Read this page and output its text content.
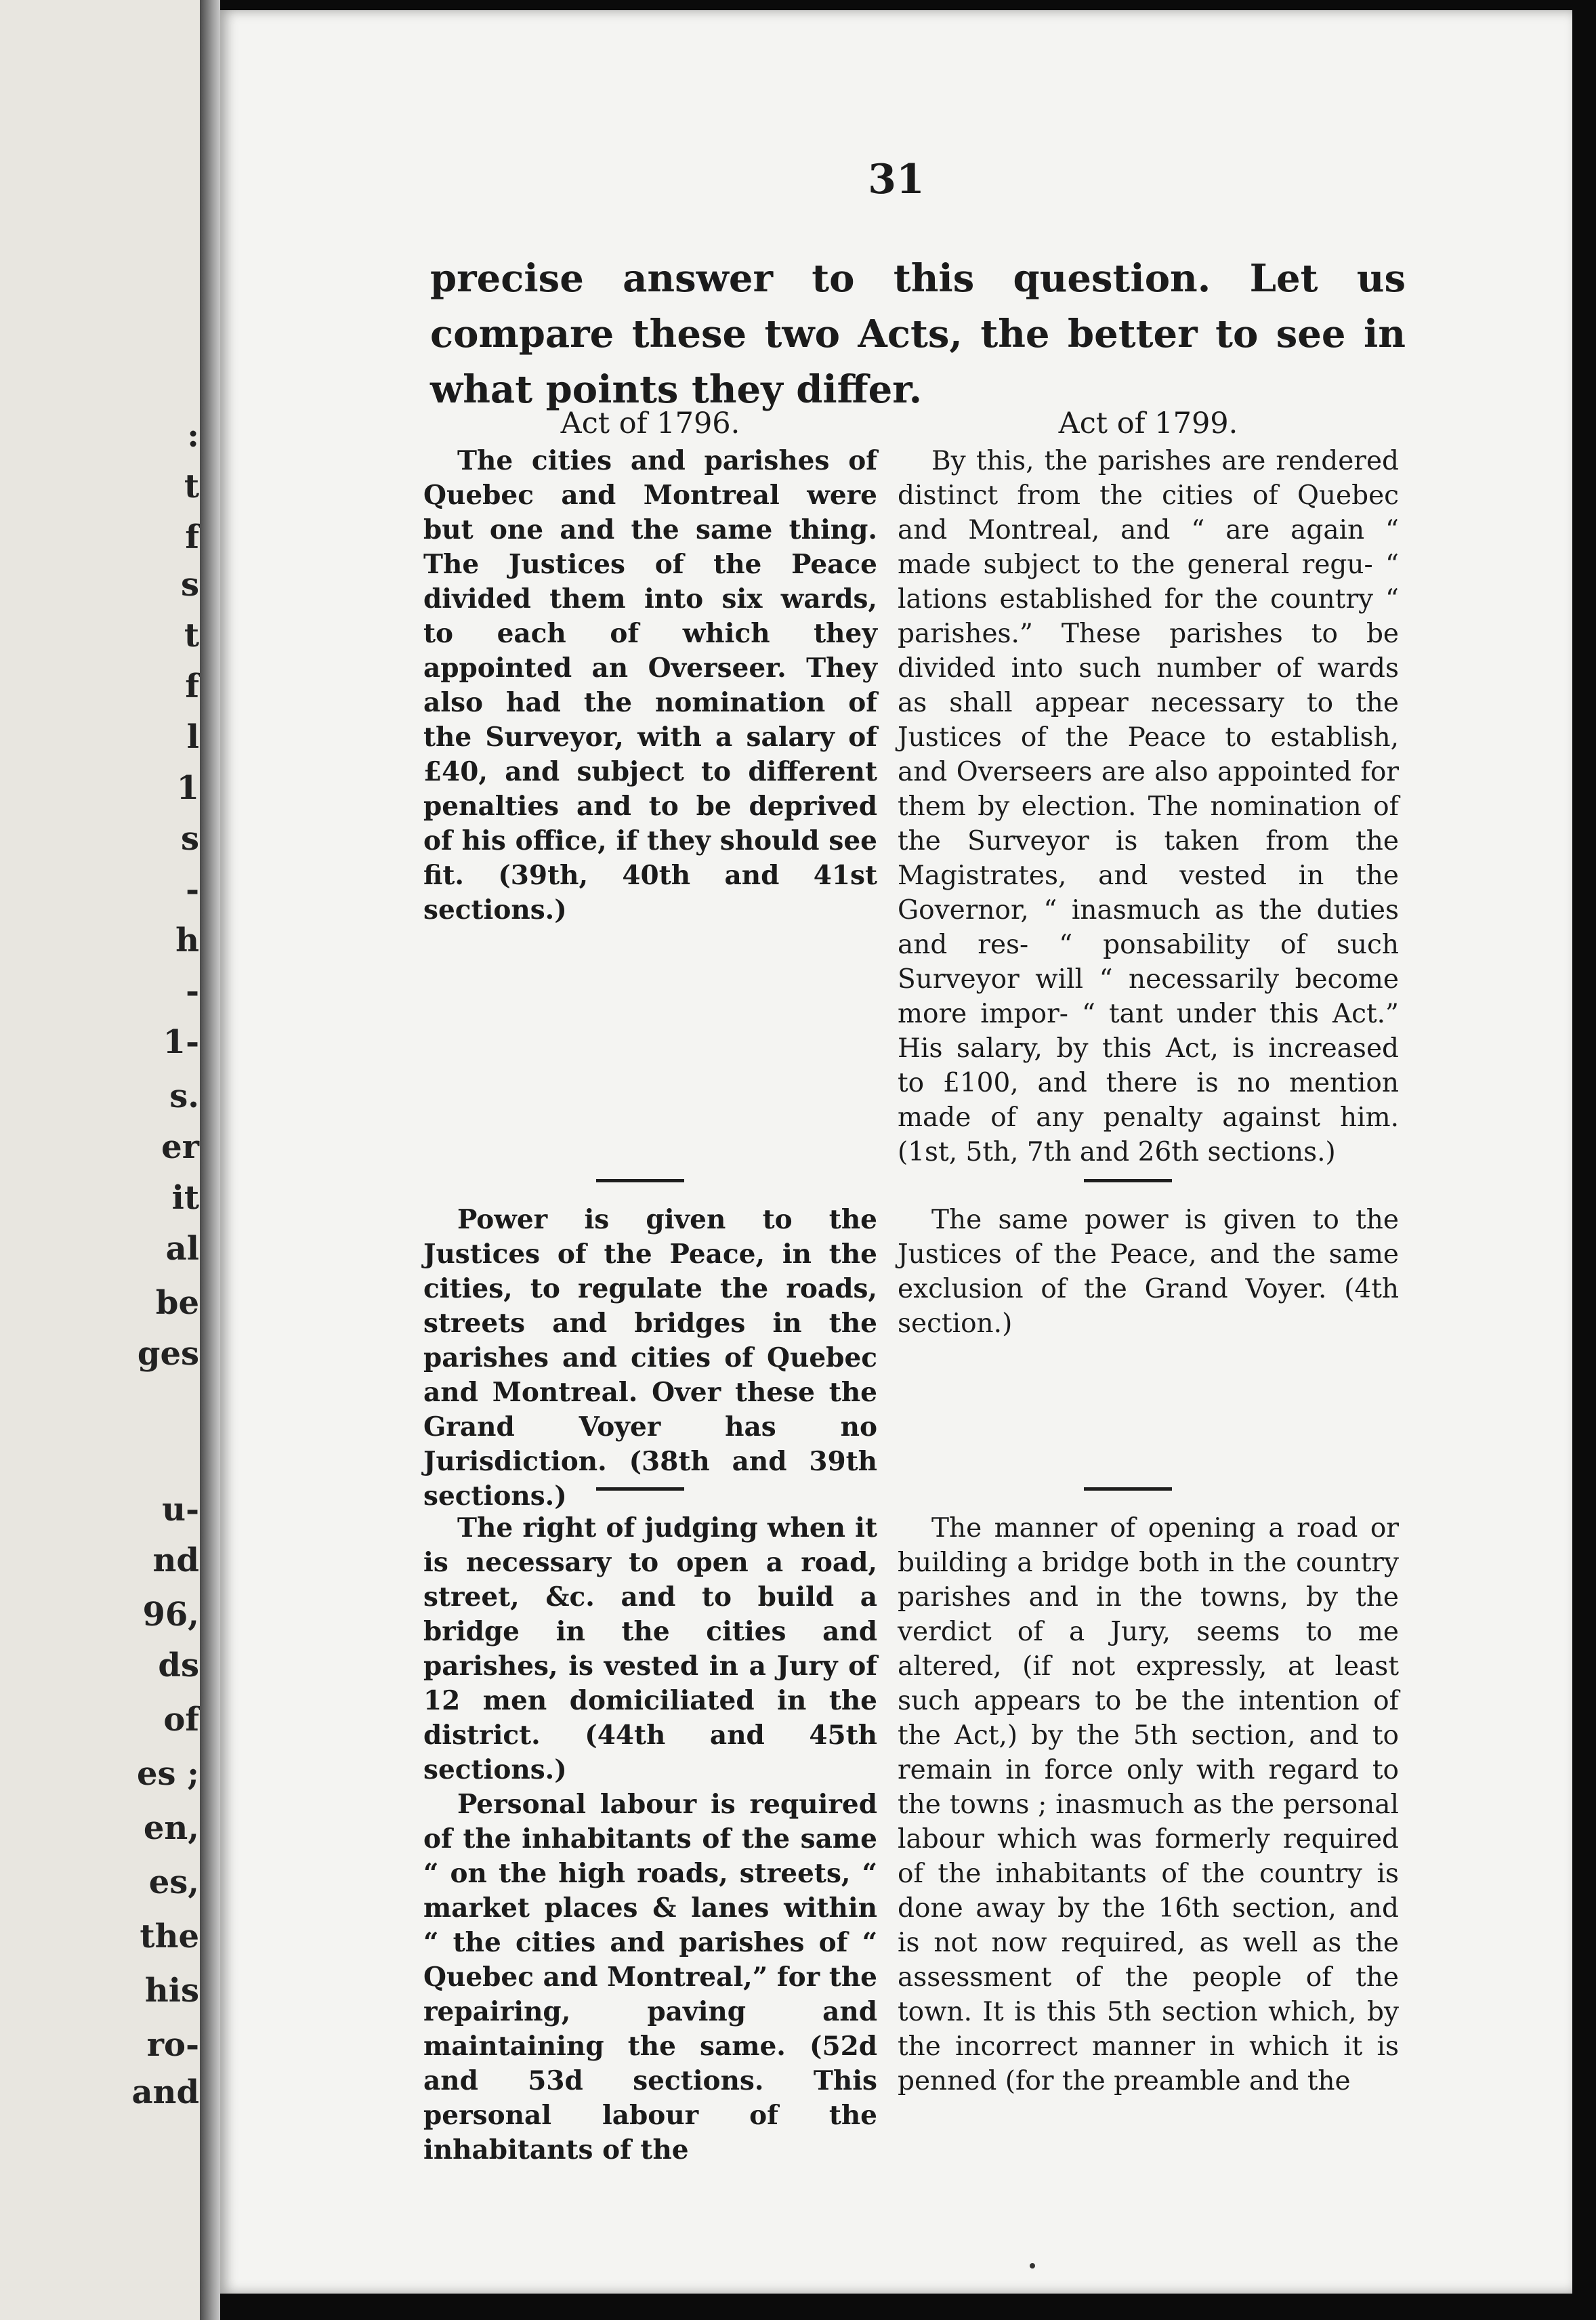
:
t
f
s
t
f
l
1
s
-
h
-
1-
s.
er
it
al
be
ges
u-
nd
96,
ds
of
es ;
en,
es,
the
his
ro-
and
31

precise answer to this question. Let us compare these two Acts, the better to see in what points they differ.

Act of 1796.

The cities and parishes of Quebec and Montreal were but one and the same thing. The Justices of the Peace divided them into six wards, to each of which they appointed an Overseer. They also had the nomination of the Surveyor, with a salary of £40, and subject to different penalties and to be deprived of his office, if they should see fit. (39th, 40th and 41st sections.)

Power is given to the Justices of the Peace, in the cities, to regulate the roads, streets and bridges in the parishes and cities of Quebec and Montreal. Over these the Grand Voyer has no Jurisdiction. (38th and 39th sections.)

The right of judging when it is necessary to open a road, street, &c. and to build a bridge in the cities and parishes, is vested in a Jury of 12 men domiciliated in the district. (44th and 45th sections.)

Personal labour is required of the inhabitants of the same “ on the high roads, streets, “ market places & lanes within “ the cities and parishes of “ Quebec and Montreal,” for the repairing, paving and maintaining the same. (52d and 53d sections. This personal labour of the inhabitants of the

Act of 1799.

By this, the parishes are rendered distinct from the cities of Quebec and Montreal, and “ are again “ made subject to the general regu- “ lations established for the country “ parishes.” These parishes to be divided into such number of wards as shall appear necessary to the Justices of the Peace to establish, and Overseers are also appointed for them by election. The nomination of the Surveyor is taken from the Magistrates, and vested in the Governor, “ inasmuch as the duties and res- “ ponsability of such Surveyor will “ necessarily become more impor- “ tant under this Act.” His salary, by this Act, is increased to £100, and there is no mention made of any penalty against him. (1st, 5th, 7th and 26th sections.)

The same power is given to the Justices of the Peace, and the same exclusion of the Grand Voyer. (4th section.)

The manner of opening a road or building a bridge both in the country parishes and in the towns, by the verdict of a Jury, seems to me altered, (if not expressly, at least such appears to be the intention of the Act,) by the 5th section, and to remain in force only with regard to the towns ; inasmuch as the personal labour which was formerly required of the inhabitants of the country is done away by the 16th section, and is not now required, as well as the assessment of the people of the town. It is this 5th section which, by the incorrect manner in which it is penned (for the preamble and the
